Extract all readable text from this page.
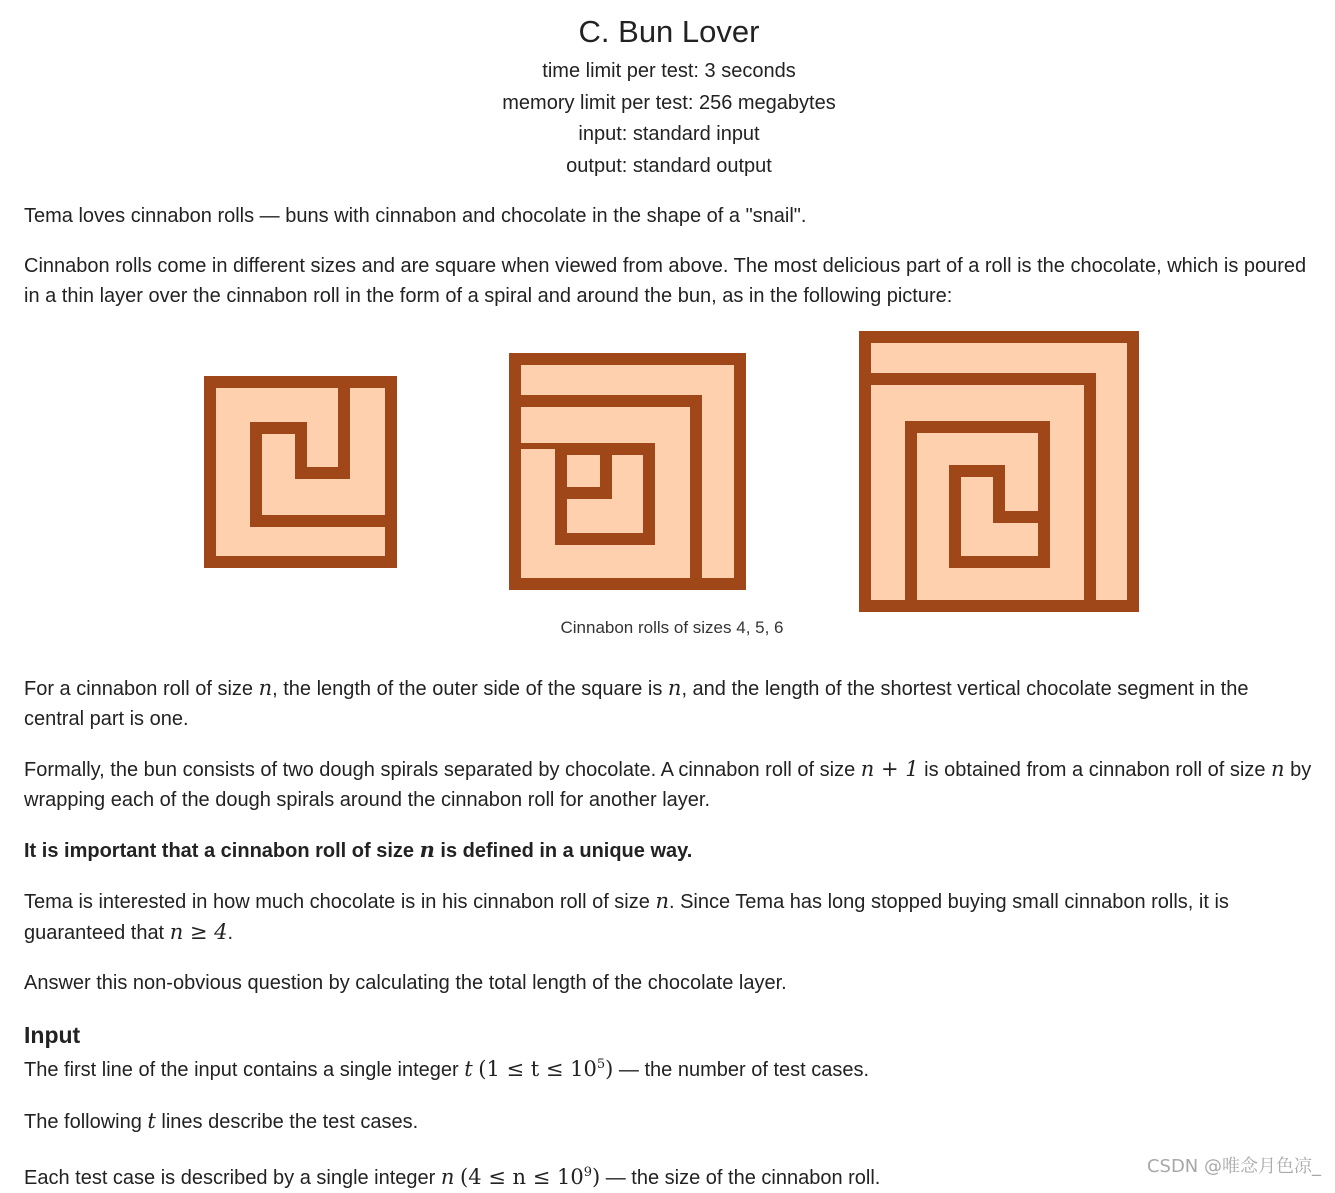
C. Bun Lover
time limit per test: 3 seconds
memory limit per test: 256 megabytes
input: standard input
output: standard output

Tema loves cinnabon rolls — buns with cinnabon and chocolate in the shape of a "snail".

Cinnabon rolls come in different sizes and are square when viewed from above. The most delicious part of a roll is the chocolate, which is poured in a thin layer over the cinnabon roll in the form of a spiral and around the bun, as in the following picture:

Cinnabon rolls of sizes 4, 5, 6

For a cinnabon roll of size n, the length of the outer side of the square is n, and the length of the shortest vertical chocolate segment in the central part is one.

Formally, the bun consists of two dough spirals separated by chocolate. A cinnabon roll of size n + 1 is obtained from a cinnabon roll of size n by wrapping each of the dough spirals around the cinnabon roll for another layer.

It is important that a cinnabon roll of size n is defined in a unique way.

Tema is interested in how much chocolate is in his cinnabon roll of size n. Since Tema has long stopped buying small cinnabon rolls, it is guaranteed that n ≥ 4.

Answer this non-obvious question by calculating the total length of the chocolate layer.

Input

The first line of the input contains a single integer t $(1 \le t \le 10^5)$ — the number of test cases.

The following t lines describe the test cases.

Each test case is described by a single integer n $(4 \le n \le 10^9)$ — the size of the cinnabon roll.

CSDN @唯念月色凉_
